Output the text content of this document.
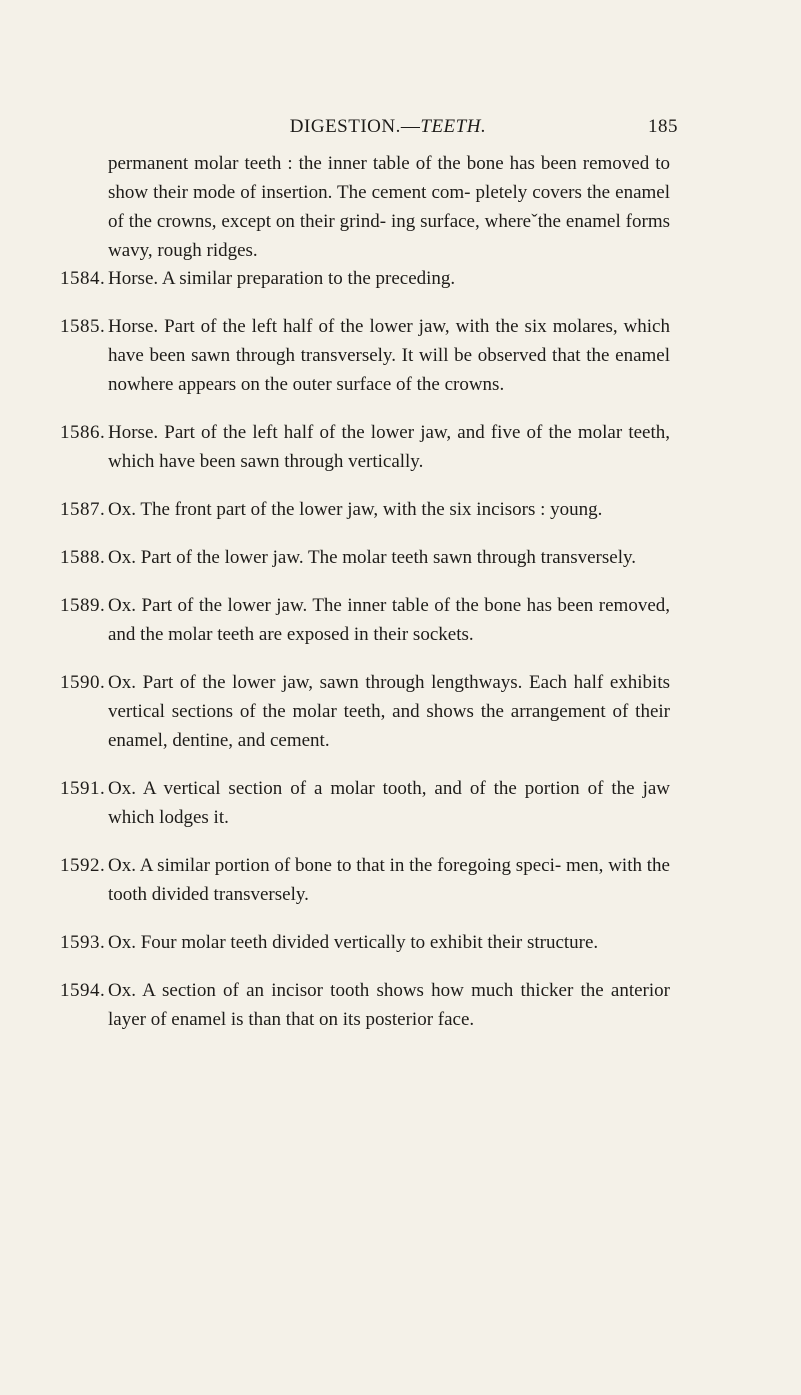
DIGESTION.—TEETH.	185
permanent molar teeth : the inner table of the bone has been removed to show their mode of insertion. The cement com- pletely covers the enamel of the crowns, except on their grind- ing surface, whereˇthe enamel forms wavy, rough ridges.
1584. Horse. A similar preparation to the preceding.
1585. Horse. Part of the left half of the lower jaw, with the six molares, which have been sawn through transversely. It will be observed that the enamel nowhere appears on the outer surface of the crowns.
1586. Horse. Part of the left half of the lower jaw, and five of the molar teeth, which have been sawn through vertically.
1587. Ox. The front part of the lower jaw, with the six incisors : young.
1588. Ox. Part of the lower jaw. The molar teeth sawn through transversely.
1589. Ox. Part of the lower jaw. The inner table of the bone has been removed, and the molar teeth are exposed in their sockets.
1590. Ox. Part of the lower jaw, sawn through lengthways. Each half exhibits vertical sections of the molar teeth, and shows the arrangement of their enamel, dentine, and cement.
1591. Ox. A vertical section of a molar tooth, and of the portion of the jaw which lodges it.
1592. Ox. A similar portion of bone to that in the foregoing speci- men, with the tooth divided transversely.
1593. Ox. Four molar teeth divided vertically to exhibit their structure.
1594. Ox. A section of an incisor tooth shows how much thicker the anterior layer of enamel is than that on its posterior face.
